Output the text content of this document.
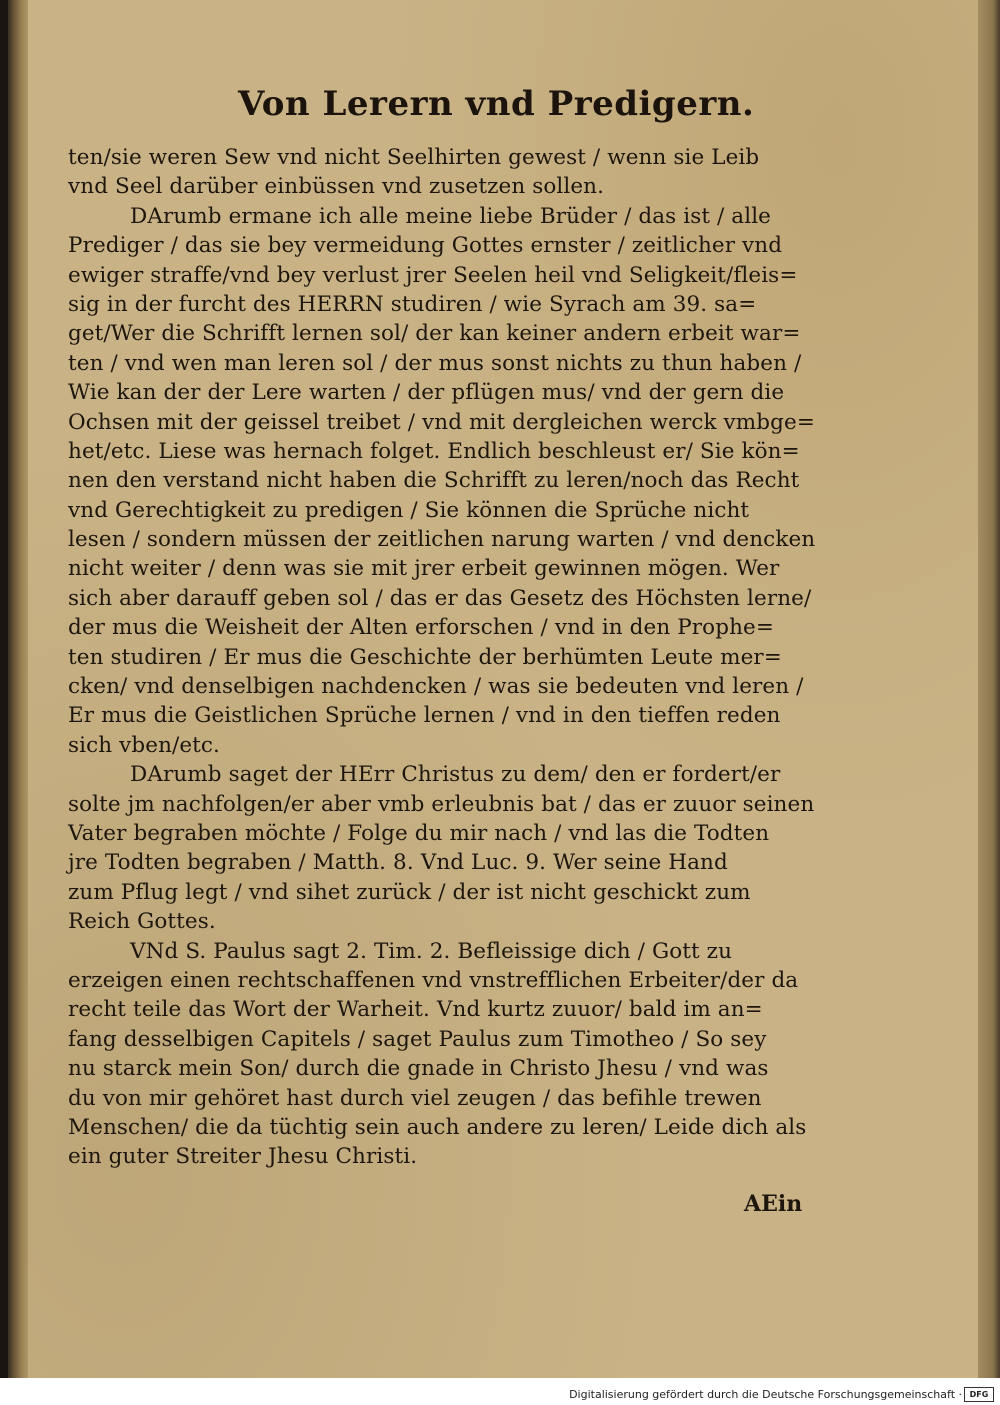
Von Lerern vnd Predigern.
ten/sie weren Sew vnd nicht Seelhirten gewest / wenn sie Leib
vnd Seel darüber einbüssen vnd zusetzen sollen.
DArumb ermane ich alle meine liebe Brüder / das ist / alle
Prediger / das sie bey vermeidung Gottes ernster / zeitlicher vnd
ewiger straffe/vnd bey verlust jrer Seelen heil vnd Seligkeit/fleis=
sig in der furcht des HERRN studiren / wie Syrach am 39. sa=
get/Wer die Schrifft lernen sol/ der kan keiner andern erbeit war=
ten / vnd wen man leren sol / der mus sonst nichts zu thun haben /
Wie kan der der Lere warten / der pflügen mus/ vnd der gern die
Ochsen mit der geissel treibet / vnd mit dergleichen werck vmbge=
het/etc. Liese was hernach folget. Endlich beschleust er/ Sie kön=
nen den verstand nicht haben die Schrifft zu leren/noch das Recht
vnd Gerechtigkeit zu predigen / Sie können die Sprüche nicht
lesen / sondern müssen der zeitlichen narung warten / vnd dencken
nicht weiter / denn was sie mit jrer erbeit gewinnen mögen. Wer
sich aber darauff geben sol / das er das Gesetz des Höchsten lerne/
der mus die Weisheit der Alten erforschen / vnd in den Prophe=
ten studiren / Er mus die Geschichte der berhümten Leute mer=
cken/ vnd denselbigen nachdencken / was sie bedeuten vnd leren /
Er mus die Geistlichen Sprüche lernen / vnd in den tieffen reden
sich vben/etc.
DArumb saget der HErr Christus zu dem/ den er fordert/er
solte jm nachfolgen/er aber vmb erleubnis bat / das er zuuor seinen
Vater begraben möchte / Folge du mir nach / vnd las die Todten
jre Todten begraben / Matth. 8. Vnd Luc. 9. Wer seine Hand
zum Pflug legt / vnd sihet zurück / der ist nicht geschickt zum
Reich Gottes.
VNd S. Paulus sagt 2. Tim. 2. Befleissige dich / Gott zu
erzeigen einen rechtschaffenen vnd vnstrefflichen Erbeiter/der da
recht teile das Wort der Warheit. Vnd kurtz zuuor/ bald im an=
fang desselbigen Capitels / saget Paulus zum Timotheo / So sey
nu starck mein Son/ durch die gnade in Christo Jhesu / vnd was
du von mir gehöret hast durch viel zeugen / das befihle trewen
Menschen/ die da tüchtig sein auch andere zu leren/ Leide dich als
ein guter Streiter Jhesu Christi.
AEin
Digitalisierung gefördert durch die Deutsche Forschungsgemeinschaft · DFG
